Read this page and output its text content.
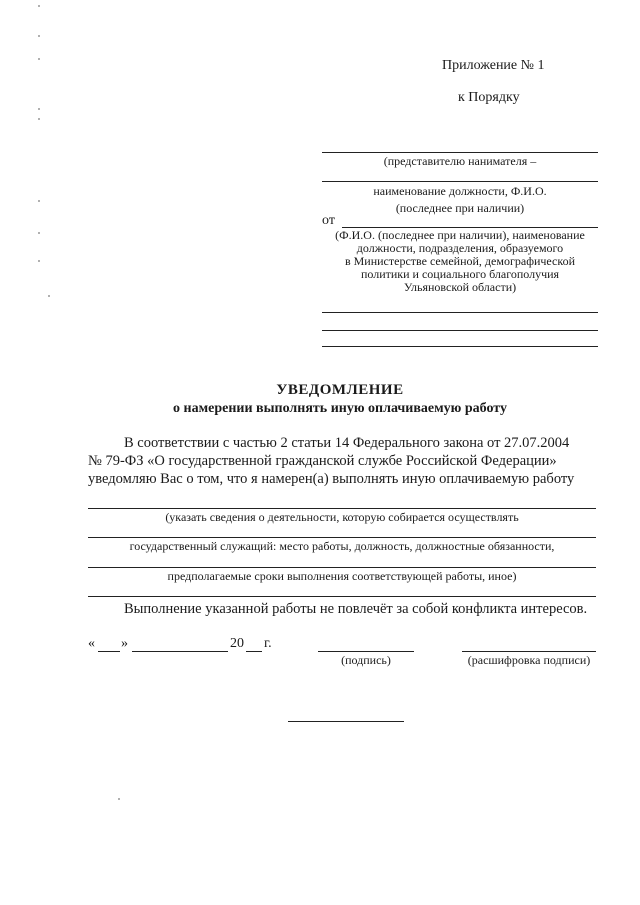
Приложение № 1
к Порядку
(представителю нанимателя –
наименование должности, Ф.И.О.
(последнее при наличии)
от
(Ф.И.О. (последнее при наличии), наименование
должности, подразделения, образуемого
в Министерстве семейной, демографической
политики и социального благополучия
Ульяновской области)
УВЕДОМЛЕНИЕ
о намерении выполнять иную оплачиваемую работу
В соответствии с частью 2 статьи 14 Федерального закона от 27.07.2004
№ 79-ФЗ «О государственной гражданской службе Российской Федерации»
уведомляю Вас о том, что я намерен(а) выполнять иную оплачиваемую работу
(указать сведения о деятельности, которую собирается осуществлять
государственный служащий: место работы, должность, должностные обязанности,
предполагаемые сроки выполнения соответствующей работы, иное)
Выполнение указанной работы не повлечёт за собой конфликта интересов.
« »	20 г.
(подпись)	(расшифровка подписи)
